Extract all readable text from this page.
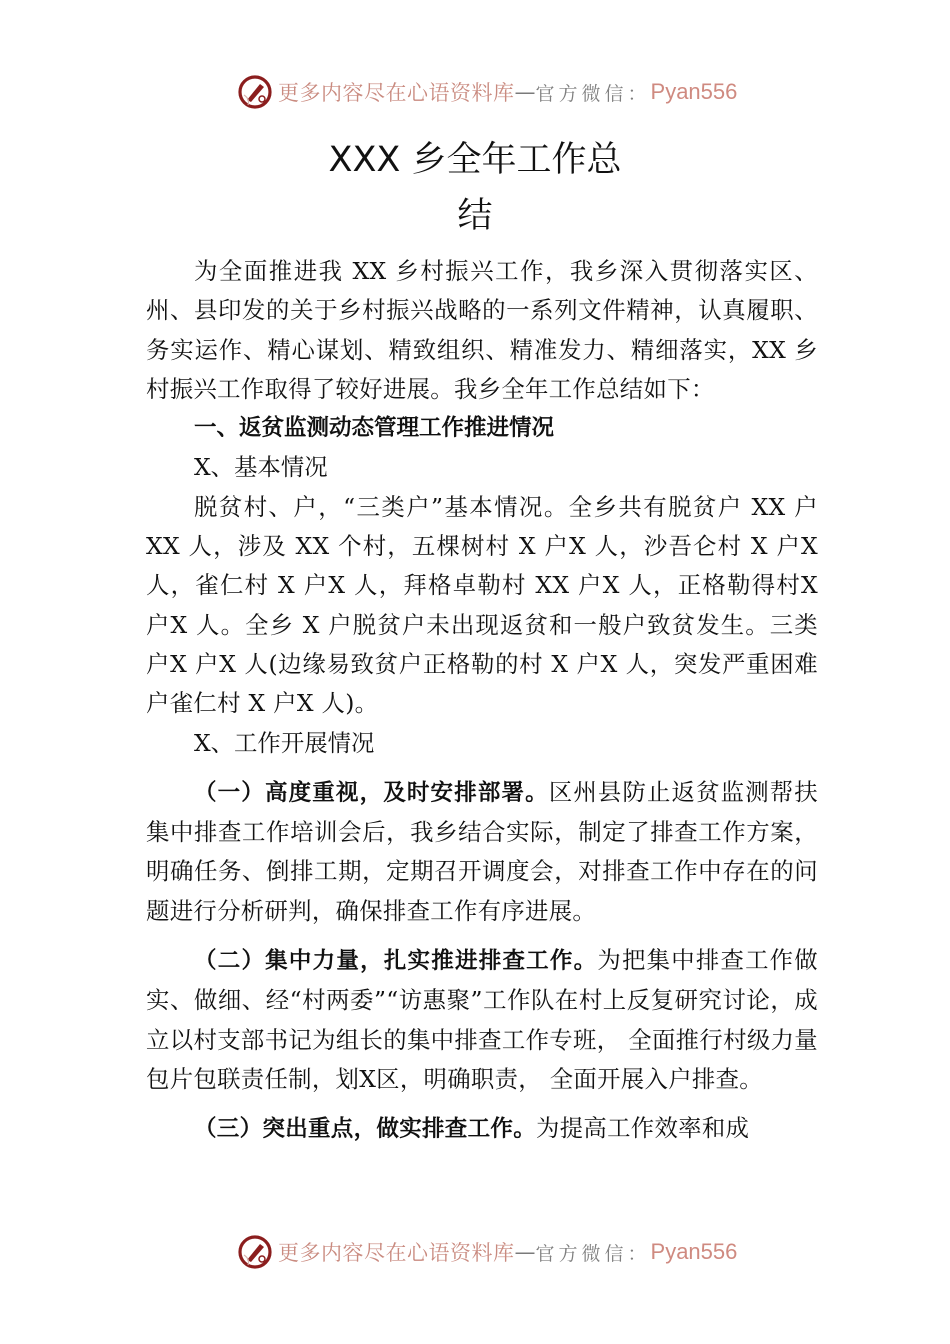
更多内容尽在心语资料库 — 官方微信： Pyan556
XXX 乡全年工作总
结

为全面推进我 XX 乡村振兴工作，我乡深入贯彻落实区、州、县印发的关于乡村振兴战略的一系列文件精神，认真履职、务实运作、精心谋划、精致组织、精准发力、精细落实，XX 乡村振兴工作取得了较好进展。我乡全年工作总结如下：

一、返贫监测动态管理工作推进情况

X、基本情况

脱贫村、户，“三类户”基本情况。全乡共有脱贫户 XX 户 XX 人，涉及 XX 个村，五棵树村 X 户X 人，沙吾仑村 X 户X 人，雀仁村 X 户X 人，拜格卓勒村 XX 户X 人，正格勒得村X 户X 人。全乡 X 户脱贫户未出现返贫和一般户致贫发生。三类户X 户X 人(边缘易致贫户正格勒的村 X 户X 人，突发严重困难户雀仁村 X 户X 人)。

X、工作开展情况

（一）高度重视，及时安排部署。区州县防止返贫监测帮扶集中排查工作培训会后，我乡结合实际，制定了排查工作方案，明确任务、倒排工期，定期召开调度会，对排查工作中存在的问题进行分析研判，确保排查工作有序进展。

（二）集中力量，扎实推进排查工作。为把集中排查工作做实、做细、经“村两委”“访惠聚”工作队在村上反复研究讨论，成立以村支部书记为组长的集中排查工作专班， 全面推行村级力量包片包联责任制，划X区，明确职责， 全面开展入户排查。

（三）突出重点，做实排查工作。为提高工作效率和成

更多内容尽在心语资料库 — 官方微信： Pyan556
